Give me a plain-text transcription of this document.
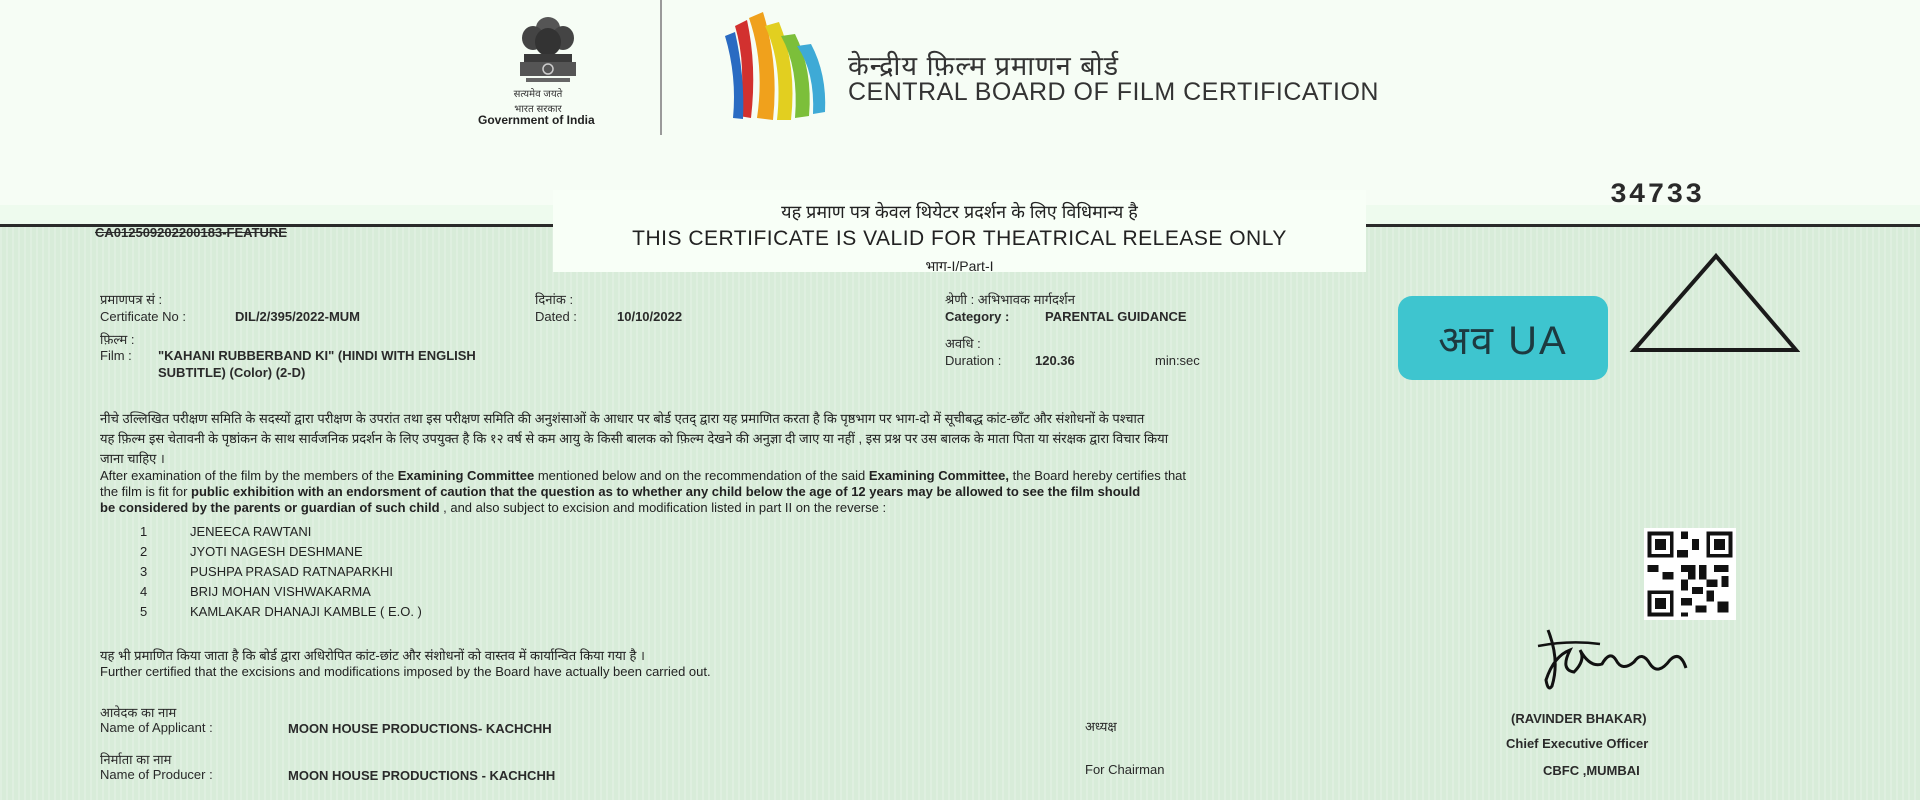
सत्यमेव जयते
भारत सरकार
Government of India
केन्द्रीय फ़िल्म प्रमाणन बोर्ड
CENTRAL BOARD OF FILM CERTIFICATION
यह प्रमाण पत्र केवल थियेटर प्रदर्शन के लिए विधिमान्य है
THIS CERTIFICATE IS VALID FOR THEATRICAL RELEASE ONLY
भाग-I/Part-I
34733
CA012509202200183-FEATURE
प्रमाणपत्र सं :
Certificate No :	DIL/2/395/2022-MUM
दिनांक :
Dated :	10/10/2022
श्रेणी : अभिभावक मार्गदर्शन
Category :	PARENTAL GUIDANCE
फ़िल्म :
Film : "KAHANI RUBBERBAND KI" (HINDI WITH ENGLISH
SUBTITLE) (Color) (2-D)
अवधि :
Duration :	120.36	min:sec	अव UA
नीचे उल्लिखित परीक्षण समिति के सदस्यों द्वारा परीक्षण के उपरांत तथा इस परीक्षण समिति की अनुशंसाओं के आधार पर बोर्ड एतद् द्वारा यह प्रमाणित करता है कि पृष्ठभाग पर भाग-दो में सूचीबद्ध कांट-छाँट और संशोधनों के पश्चात
यह फ़िल्म इस चेतावनी के पृष्ठांकन के साथ सार्वजनिक प्रदर्शन के लिए उपयुक्त है कि १२ वर्ष से कम आयु के किसी बालक को फ़िल्म देखने की अनुज्ञा दी जाए या नहीं , इस प्रश्न पर उस बालक के माता पिता या संरक्षक द्वारा विचार किया
जाना चाहिए ।
After examination of the film by the members of the Examining Committee mentioned below and on the recommendation of the said Examining Committee, the Board hereby certifies that
the film is fit for public exhibition with an endorsment of caution that the question as to whether any child below the age of 12 years may be allowed to see the film should
be considered by the parents or guardian of such child , and also subject to excision and modification listed in part II on the reverse :
1	JENEECA RAWTANI
2	JYOTI NAGESH DESHMANE
3	PUSHPA PRASAD RATNAPARKHI
4	BRIJ MOHAN VISHWAKARMA
5	KAMLAKAR DHANAJI KAMBLE ( E.O. )
यह भी प्रमाणित किया जाता है कि बोर्ड द्वारा अधिरोपित कांट-छांट और संशोधनों को वास्तव में कार्यान्वित किया गया है ।
Further certified that the excisions and modifications imposed by the Board have actually been carried out.
आवेदक का नाम
Name of Applicant :	MOON HOUSE PRODUCTIONS- KACHCHH
निर्माता का नाम
Name of Producer :	MOON HOUSE PRODUCTIONS - KACHCHH
अध्यक्ष
For Chairman
(RAVINDER BHAKAR)
Chief Executive Officer
CBFC ,MUMBAI
